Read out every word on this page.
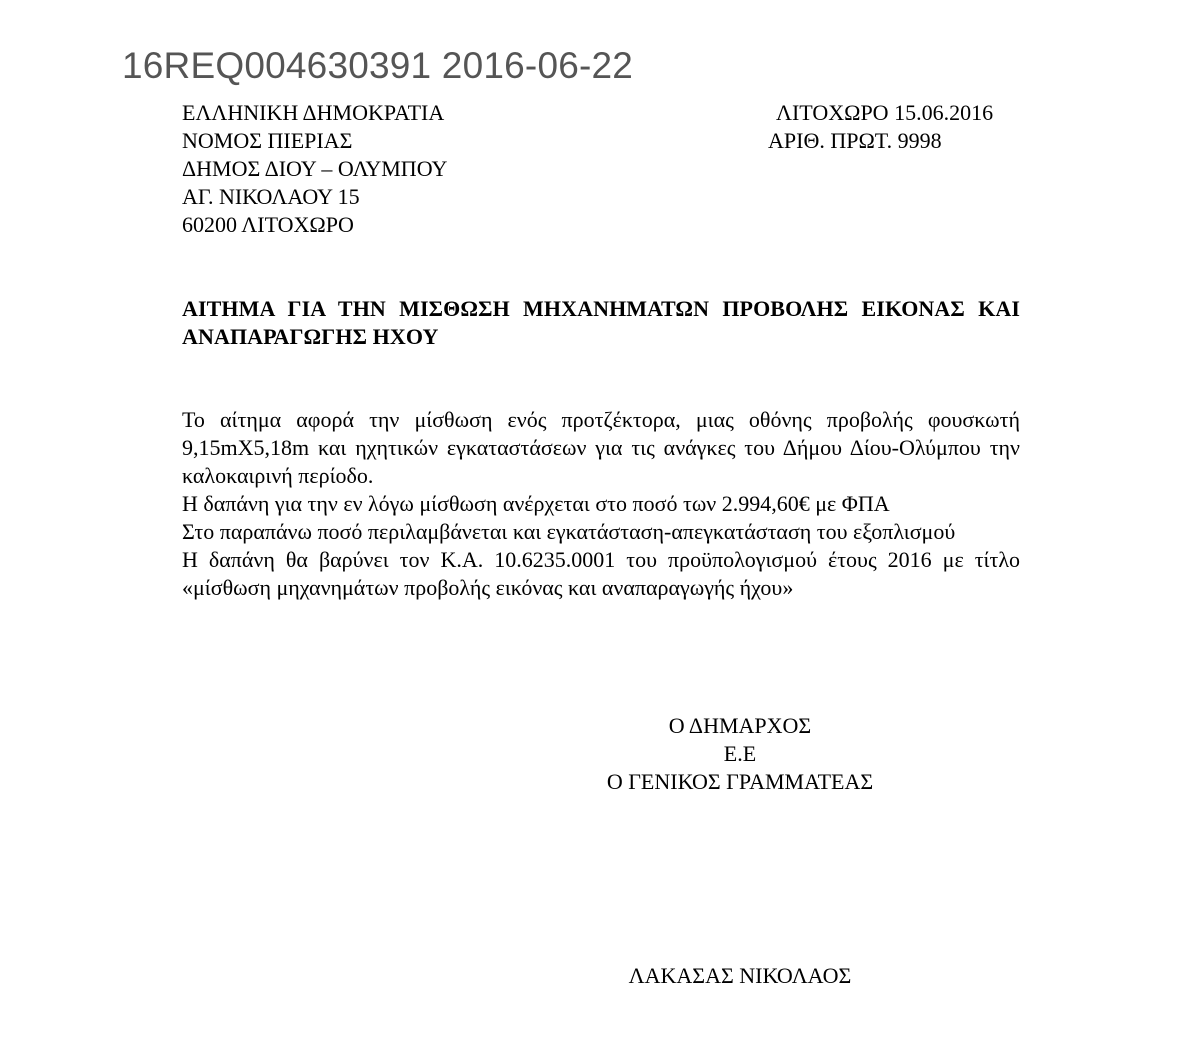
16REQ004630391 2016-06-22
ΕΛΛΗΝΙΚΗ ΔΗΜΟΚΡΑΤΙΑ
ΝΟΜΟΣ ΠΙΕΡΙΑΣ
ΔΗΜΟΣ ΔΙΟΥ – ΟΛΥΜΠΟΥ
ΑΓ. ΝΙΚΟΛΑΟΥ 15
60200 ΛΙΤΟΧΩΡΟ
ΛΙΤΟΧΩΡΟ 15.06.2016
ΑΡΙΘ. ΠΡΩΤ. 9998
ΑΙΤΗΜΑ ΓΙΑ ΤΗΝ ΜΙΣΘΩΣΗ ΜΗΧΑΝΗΜΑΤΩΝ ΠΡΟΒΟΛΗΣ ΕΙΚΟΝΑΣ ΚΑΙ ΑΝΑΠΑΡΑΓΩΓΗΣ ΗΧΟΥ

Το αίτημα αφορά την μίσθωση ενός προτζέκτορα, μιας οθόνης προβολής φουσκωτή 9,15mX5,18m και ηχητικών εγκαταστάσεων για τις ανάγκες του Δήμου Δίου-Ολύμπου την καλοκαιρινή περίοδο.

Η δαπάνη για την εν λόγω μίσθωση ανέρχεται στο ποσό των 2.994,60€ με ΦΠΑ

Στο παραπάνω ποσό περιλαμβάνεται και εγκατάσταση-απεγκατάσταση του εξοπλισμού

Η δαπάνη θα βαρύνει τον Κ.Α. 10.6235.0001 του προϋπολογισμού έτους 2016 με τίτλο «μίσθωση μηχανημάτων προβολής εικόνας και αναπαραγωγής ήχου»

Ο ΔΗΜΑΡΧΟΣ
Ε.Ε
Ο ΓΕΝΙΚΟΣ ΓΡΑΜΜΑΤΕΑΣ
ΛΑΚΑΣΑΣ ΝΙΚΟΛΑΟΣ
